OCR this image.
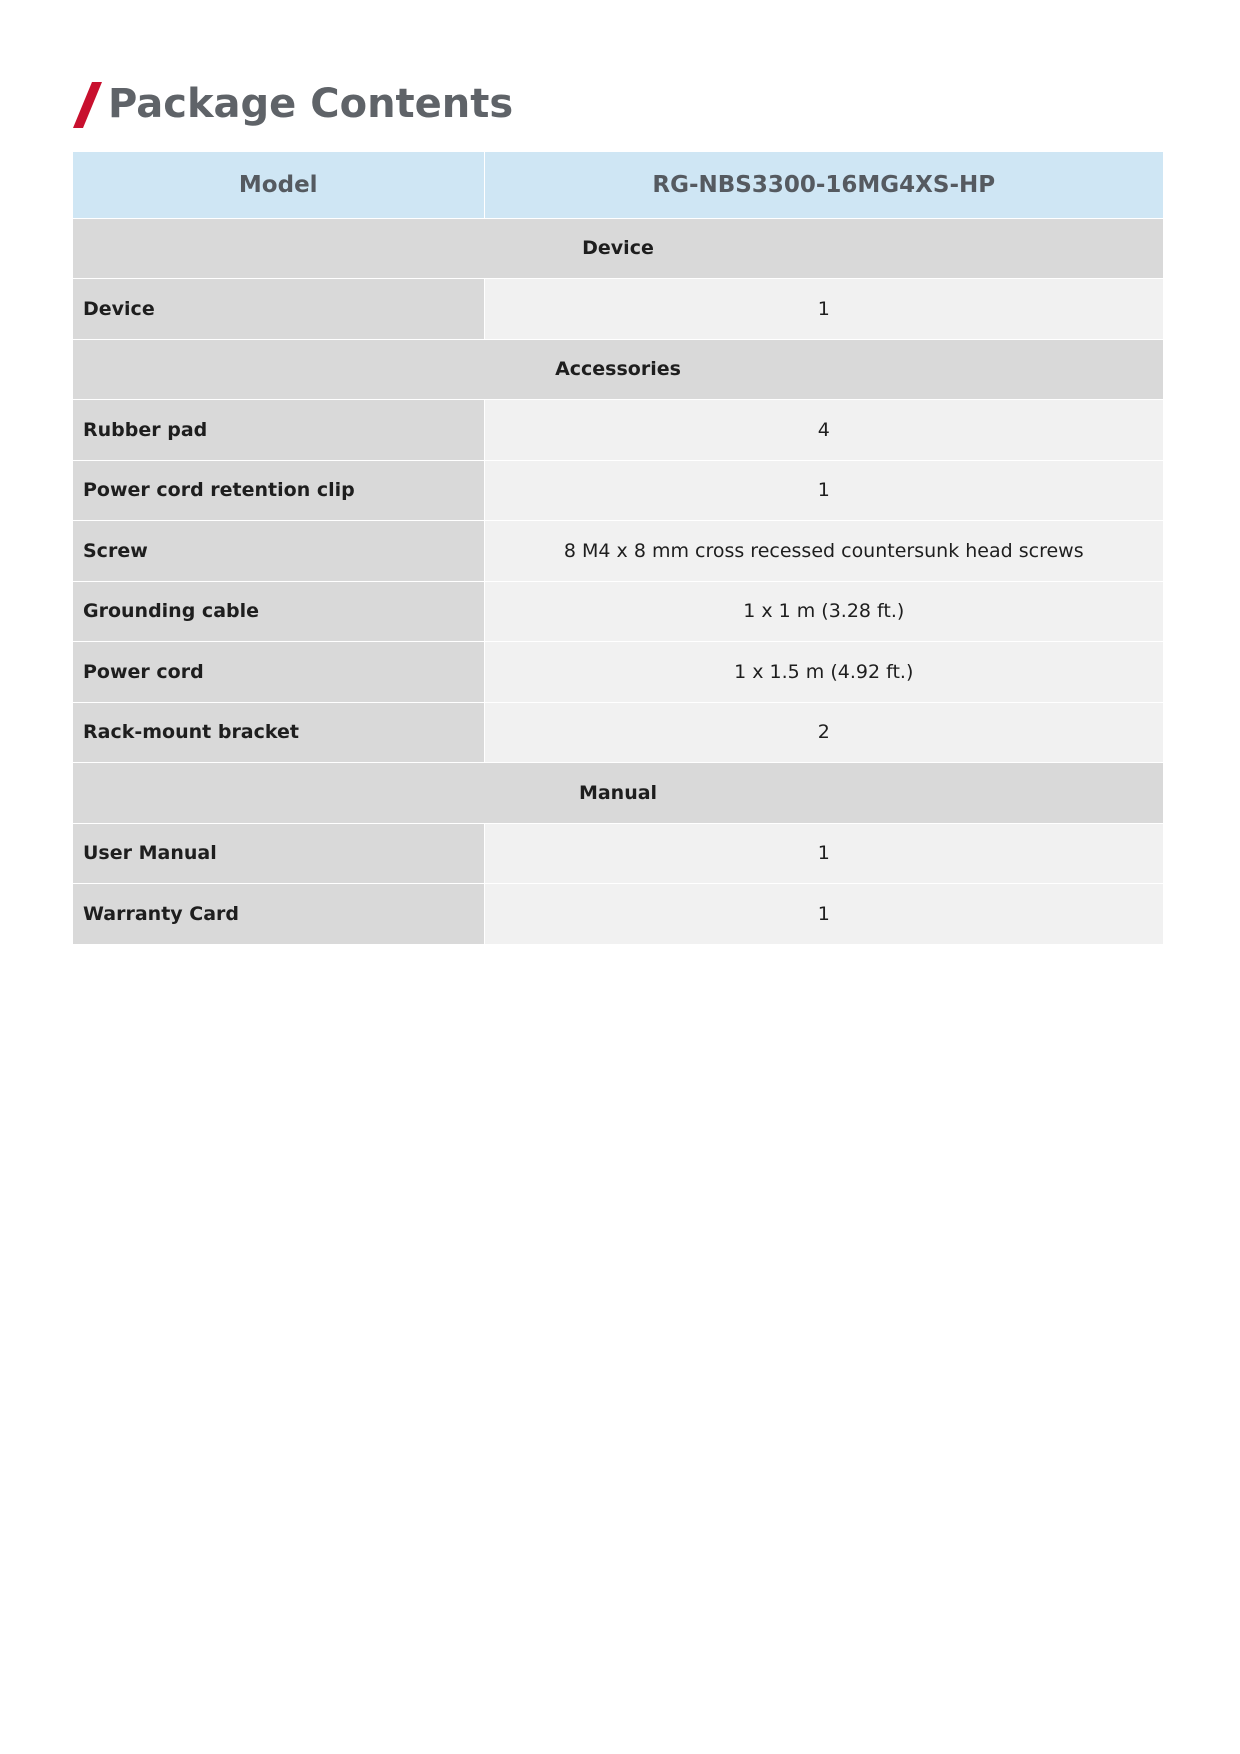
Package Contents
Model	RG-NBS3300-16MG4XS-HP
Device	
Device	1
Accessories	
Rubber pad	4
Power cord retention clip	1
Screw	8 M4 x 8 mm cross recessed countersunk head screws
Grounding cable	1 x 1 m (3.28 ft.)
Power cord	1 x 1.5 m (4.92 ft.)
Rack-mount bracket	2
Manual	
User Manual	1
Warranty Card	1
